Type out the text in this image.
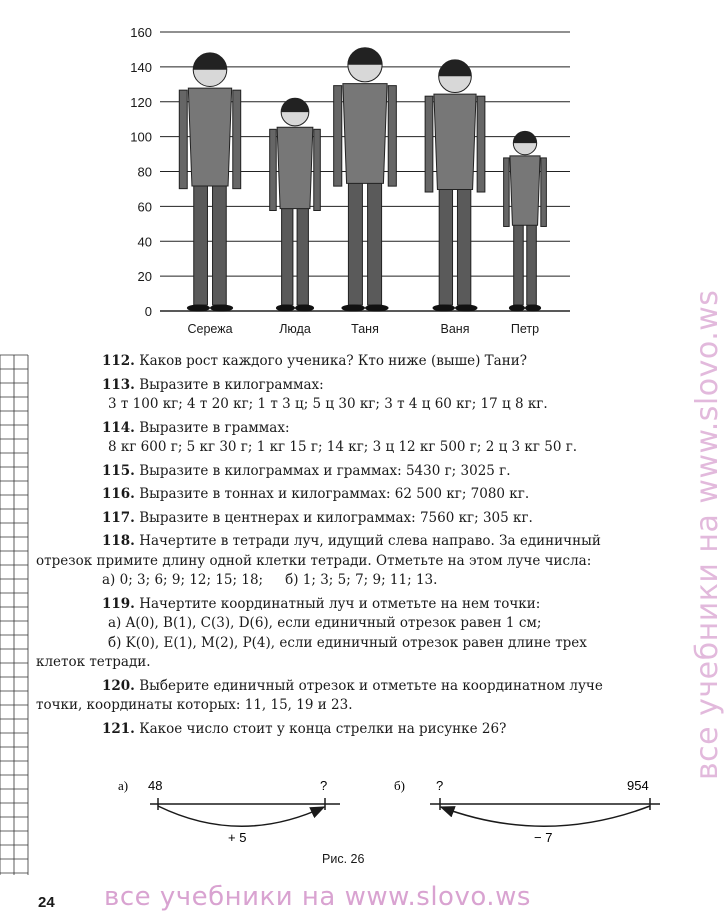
160
140
120
100
80
60
40
20
0
Сережа	Люда	Таня	Ваня	Петр
112. Каков рост каждого ученика? Кто ниже (выше) Тани?
113. Выразите в килограммах:
3 т 100 кг; 4 т 20 кг; 1 т 3 ц; 5 ц 30 кг; 3 т 4 ц 60 кг; 17 ц 8 кг.
114. Выразите в граммах:
8 кг 600 г; 5 кг 30 г; 1 кг 15 г; 14 кг; 3 ц 12 кг 500 г; 2 ц 3 кг 50 г.
115. Выразите в килограммах и граммах: 5430 г; 3025 г.
116. Выразите в тоннах и килограммах: 62 500 кг; 7080 кг.
117. Выразите в центнерах и килограммах: 7560 кг; 305 кг.
118. Начертите в тетради луч, идущий слева направо. За единичный
отрезок примите длину одной клетки тетради. Отметьте на этом луче числа:
а) 0; 3; 6; 9; 12; 15; 18; б) 1; 3; 5; 7; 9; 11; 13.
119. Начертите координатный луч и отметьте на нем точки:
а) A(0), B(1), C(3), D(6), если единичный отрезок равен 1 см;
б) K(0), E(1), M(2), P(4), если единичный отрезок равен длине трех
клеток тетради.
120. Выберите единичный отрезок и отметьте на координатном луче
точки, координаты которых: 11, 15, 19 и 23.
121. Какое число стоит у конца стрелки на рисунке 26?
а) 48	?
+ 5
б) ?	954
− 7
Рис. 26
24 все учебники на www.slovo.ws
все учебники на www.slovo.ws
